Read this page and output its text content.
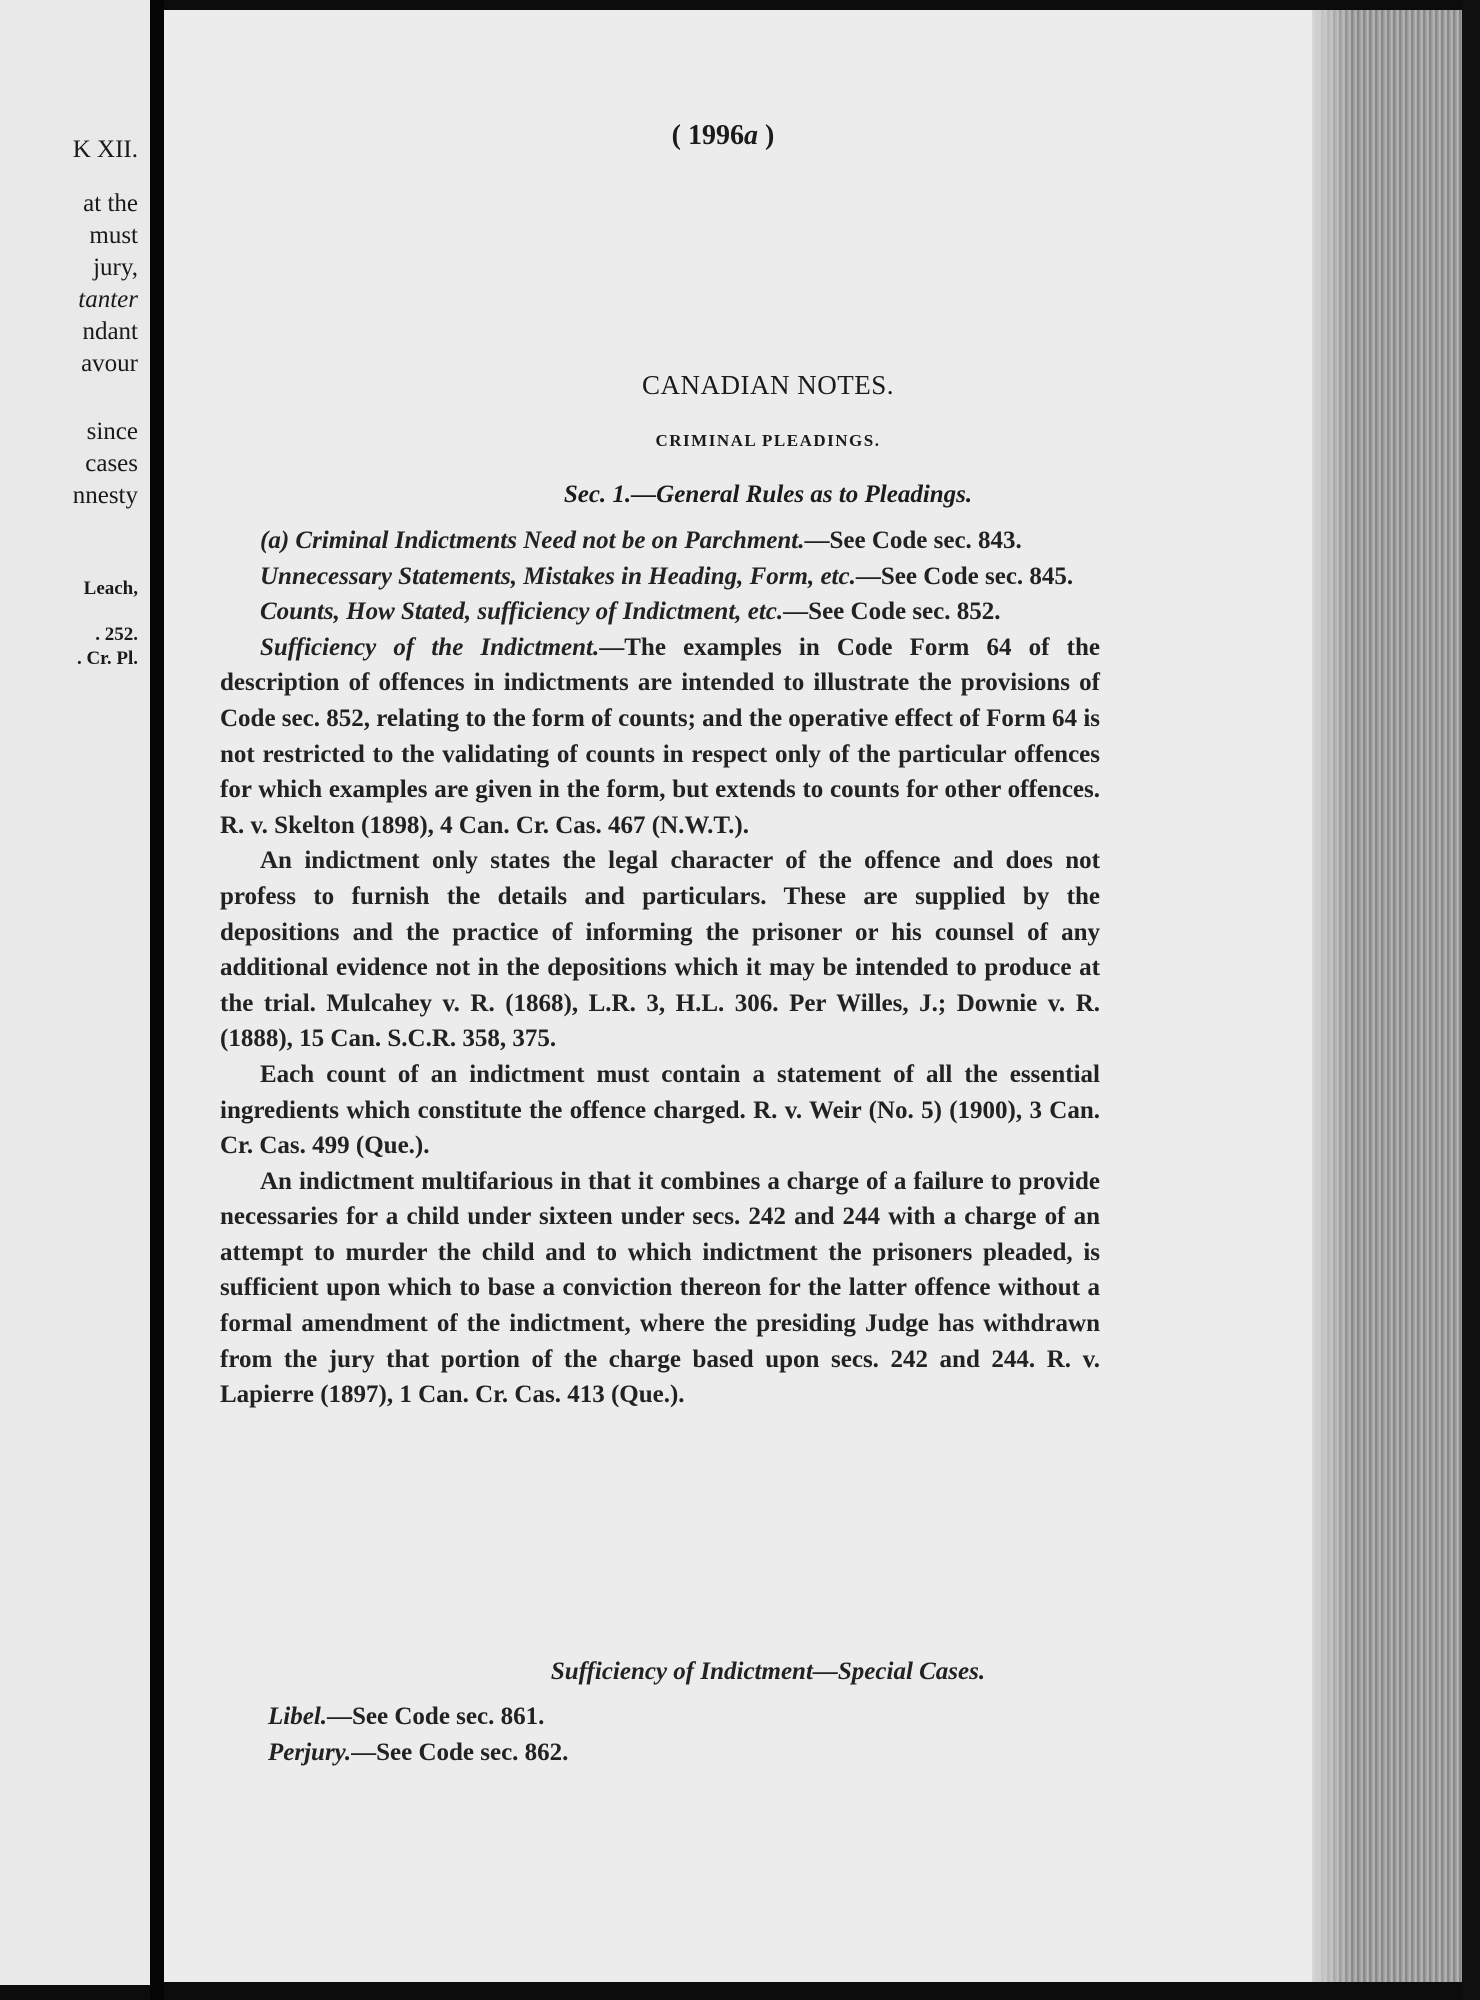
K XII.
at the
must
jury,
tanter
ndant
avour
since
cases
nnesty
Leach,
. 252.
. Cr. Pl.
( 1996a )
CANADIAN NOTES.
CRIMINAL PLEADINGS.
Sec. 1.—General Rules as to Pleadings.

(a) Criminal Indictments Need not be on Parchment.—See Code sec. 843.

Unnecessary Statements, Mistakes in Heading, Form, etc.—See Code sec. 845.

Counts, How Stated, sufficiency of Indictment, etc.—See Code sec. 852.

Sufficiency of the Indictment.—The examples in Code Form 64 of the description of offences in indictments are intended to illustrate the provisions of Code sec. 852, relating to the form of counts; and the operative effect of Form 64 is not restricted to the validating of counts in respect only of the particular offences for which examples are given in the form, but extends to counts for other offences. R. v. Skelton (1898), 4 Can. Cr. Cas. 467 (N.W.T.).

An indictment only states the legal character of the offence and does not profess to furnish the details and particulars. These are supplied by the depositions and the practice of informing the prisoner or his counsel of any additional evidence not in the depositions which it may be intended to produce at the trial. Mulcahey v. R. (1868), L.R. 3, H.L. 306. Per Willes, J.; Downie v. R. (1888), 15 Can. S.C.R. 358, 375.

Each count of an indictment must contain a statement of all the essential ingredients which constitute the offence charged. R. v. Weir (No. 5) (1900), 3 Can. Cr. Cas. 499 (Que.).

An indictment multifarious in that it combines a charge of a failure to provide necessaries for a child under sixteen under secs. 242 and 244 with a charge of an attempt to murder the child and to which indictment the prisoners pleaded, is sufficient upon which to base a conviction thereon for the latter offence without a formal amendment of the indictment, where the presiding Judge has withdrawn from the jury that portion of the charge based upon secs. 242 and 244. R. v. Lapierre (1897), 1 Can. Cr. Cas. 413 (Que.).

Sufficiency of Indictment—Special Cases.
Libel.—See Code sec. 861.
Perjury.—See Code sec. 862.
